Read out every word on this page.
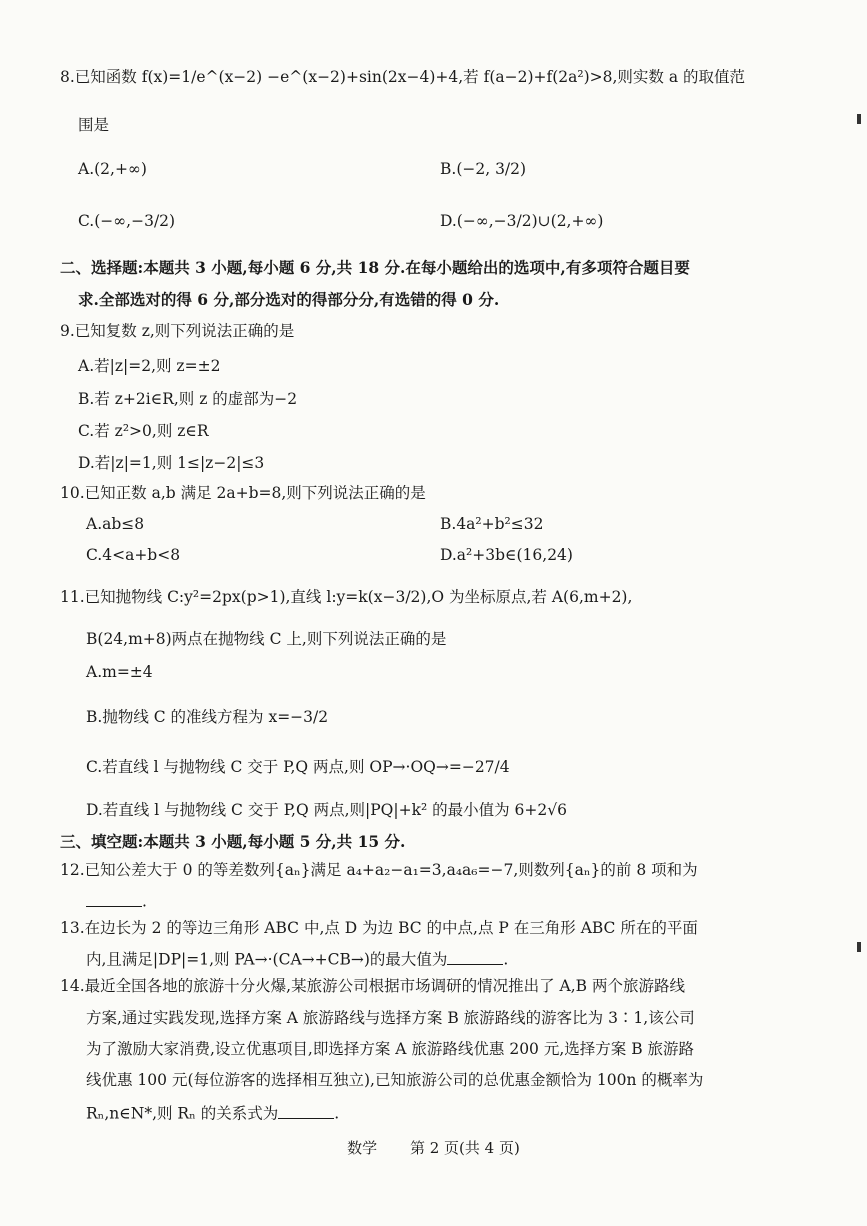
8.已知函数 f(x)=1/e^(x−2) −e^(x−2)+sin(2x−4)+4,若 f(a−2)+f(2a²)>8,则实数 a 的取值范
围是
A.(2,+∞)	B.(−2, 3/2)
C.(−∞,−3/2)	D.(−∞,−3/2)∪(2,+∞)
二、选择题:本题共 3 小题,每小题 6 分,共 18 分.在每小题给出的选项中,有多项符合题目要
求.全部选对的得 6 分,部分选对的得部分分,有选错的得 0 分.
9.已知复数 z,则下列说法正确的是
A.若|z|=2,则 z=±2
B.若 z+2i∈R,则 z 的虚部为−2
C.若 z²>0,则 z∈R
D.若|z|=1,则 1≤|z−2|≤3
10.已知正数 a,b 满足 2a+b=8,则下列说法正确的是
A.ab≤8	B.4a²+b²≤32
C.4<a+b<8	D.a²+3b∈(16,24)
11.已知抛物线 C:y²=2px(p>1),直线 l:y=k(x−3/2),O 为坐标原点,若 A(6,m+2),
B(24,m+8)两点在抛物线 C 上,则下列说法正确的是
A.m=±4
B.抛物线 C 的准线方程为 x=−3/2
C.若直线 l 与抛物线 C 交于 P,Q 两点,则 OP→·OQ→=−27/4
D.若直线 l 与抛物线 C 交于 P,Q 两点,则|PQ|+k² 的最小值为 6+2√6
三、填空题:本题共 3 小题,每小题 5 分,共 15 分.
12.已知公差大于 0 的等差数列{aₙ}满足 a₄+a₂−a₁=3,a₄a₆=−7,则数列{aₙ}的前 8 项和为
.
13.在边长为 2 的等边三角形 ABC 中,点 D 为边 BC 的中点,点 P 在三角形 ABC 所在的平面
内,且满足|DP|=1,则 PA→·(CA→+CB→)的最大值为	.
14.最近全国各地的旅游十分火爆,某旅游公司根据市场调研的情况推出了 A,B 两个旅游路线
方案,通过实践发现,选择方案 A 旅游路线与选择方案 B 旅游路线的游客比为 3∶1,该公司
为了激励大家消费,设立优惠项目,即选择方案 A 旅游路线优惠 200 元,选择方案 B 旅游路
线优惠 100 元(每位游客的选择相互独立),已知旅游公司的总优惠金额恰为 100n 的概率为
Rₙ,n∈N*,则 Rₙ 的关系式为	.
数学 第 2 页(共 4 页)
